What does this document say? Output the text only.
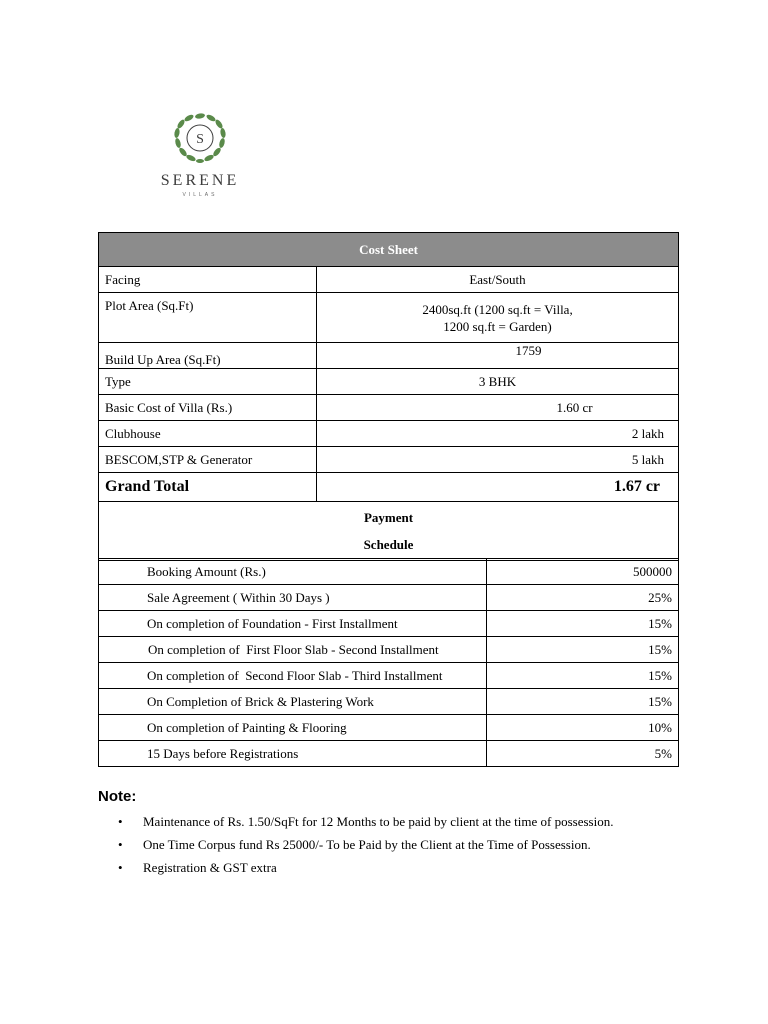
S
SERENE
VILLAS
Cost Sheet	
Facing	East/South
Plot Area (Sq.Ft)	2400sq.ft (1200 sq.ft = Villa,
1200 sq.ft = Garden)
Build Up Area (Sq.Ft)	1759
Type	3 BHK
Basic Cost of Villa (Rs.)	1.60 cr
Clubhouse	2 lakh
BESCOM,STP & Generator	5 lakh
Grand Total	1.67 cr
Payment
Schedule	
Booking Amount (Rs.)	500000
Sale Agreement ( Within 30 Days )	25%
On completion of Foundation - First Installment	15%
On completion of  First Floor Slab - Second Installment	15%
On completion of  Second Floor Slab - Third Installment	15%
On Completion of Brick & Plastering Work	15%
On completion of Painting & Flooring	10%
15 Days before Registrations	5%
Note:
• Maintenance of Rs. 1.50/SqFt for 12 Months to be paid by client at the time of possession.
• One Time Corpus fund Rs 25000/- To be Paid by the Client at the Time of Possession.
• Registration & GST extra
